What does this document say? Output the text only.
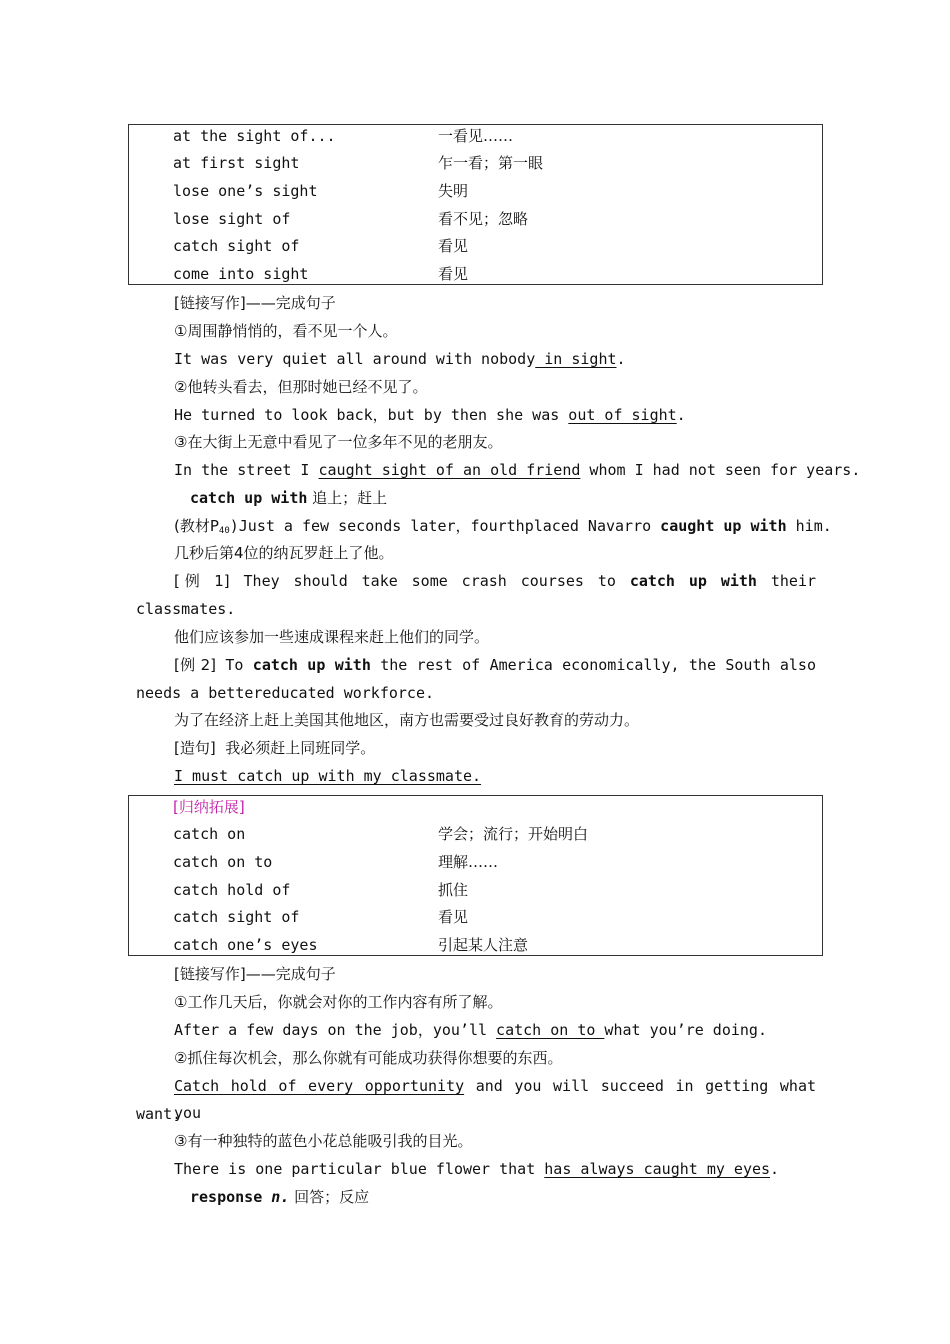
at the sight of...	一看见……
at first sight	乍一看；第一眼
lose one’s sight	失明
lose sight of	看不见；忽略
catch sight of	看见
come into sight	看见
[链接写作]——完成句子
①周围静悄悄的，看不见一个人。
It was very quiet all around with nobody in sight.
②他转头看去，但那时她已经不见了。
He turned to look back，but by then she was out of sight.
③在大街上无意中看见了一位多年不见的老朋友。
In the street I caught sight of an old friend whom I had not seen for years.
catch up with 追上；赶上
(教材$P_{40})Just$ a few seconds later，fourthplaced Navarro caught up with him.
几秒后第4位的纳瓦罗赶上了他。
[例 1] They should take some crash courses to catch up with their
classmates.
他们应该参加一些速成课程来赶上他们的同学。
[例 2] To catch up with the rest of America economically, the South also
needs a bettereducated workforce.
为了在经济上赶上美国其他地区，南方也需要受过良好教育的劳动力。
[造句] 我必须赶上同班同学。
I must catch up with my classmate.
[归纳拓展]
catch on	学会；流行；开始明白
catch on to	理解……
catch hold of	抓住
catch sight of	看见
catch one’s eyes	引起某人注意
[链接写作]——完成句子
①工作几天后，你就会对你的工作内容有所了解。
After a few days on the job，you’ll catch on to what you’re doing.
②抓住每次机会，那么你就有可能成功获得你想要的东西。
Catch hold of every opportunity and you will succeed in getting what you
want.
③有一种独特的蓝色小花总能吸引我的目光。
There is one particular blue flower that has always caught my eyes.
response n. 回答；反应
